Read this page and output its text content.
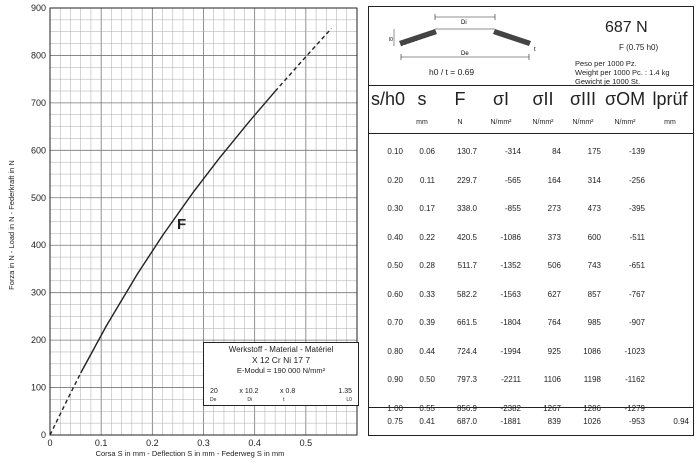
0	0.1	0.2	0.3	0.4	0.5
0
100
200
300
400
500
600
700
800
900
Forza in N - Load in N - Federkraft in N
Corsa S in mm - Deflection S in mm - Federweg S in mm
F
Werkstoff - Material - Matériel
X 12 Cr Ni 17 7
E-Modul = 190 000 N/mm²
20	x 10.2	x 0.8	1.35
De	Di	t	L0
Di
De
l0
t
h0 / t = 0.69
687 N
F (0.75 h0)
Peso per 1000 Pz.
Weight per 1000 Pc. : 1.4 kg
Gewicht je 1000 St.
s/h0 s
mm
F
N
σI
N/mm²
σII
N/mm²
σIII
N/mm²
σOM
N/mm²
lprüf
mm
0.10	0.06	130.7	-314	84	175	-139
0.20	0.11	229.7	-565	164	314	-256
0.30	0.17	338.0	-855	273	473	-395
0.40	0.22	420.5	-1086	373	600	-511
0.50	0.28	511.7	-1352	506	743	-651
0.60	0.33	582.2	-1563	627	857	-767
0.70	0.39	661.5	-1804	764	985	-907
0.80	0.44	724.4	-1994	925	1086	-1023
0.90	0.50	797.3	-2211	1106	1198	-1162
1.00	0.55	856.9	-2382	1267	1286	-1279
0.75	0.41	687.0	-1881	839	1026	-953	0.94
